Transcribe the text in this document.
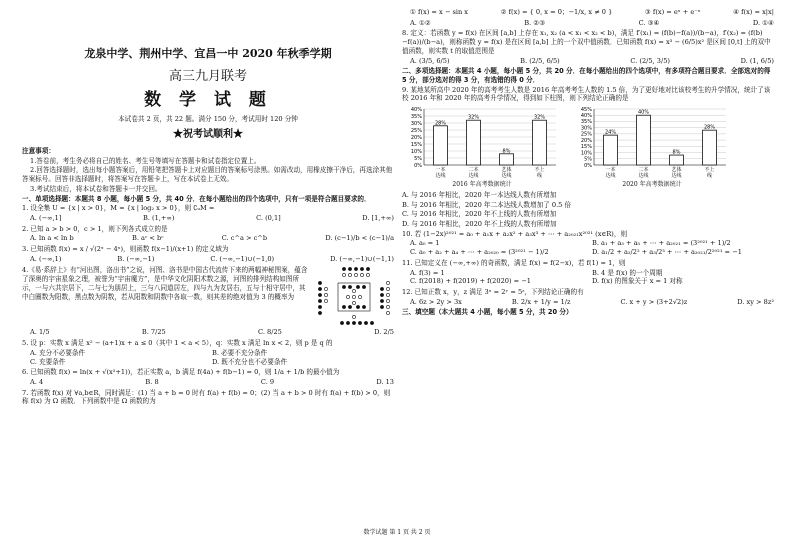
龙泉中学、荆州中学、宜昌一中 2020 年秋季学期
高三九月联考
数 学 试 题
本试卷共 2 页，共 22 题。满分 150 分，考试用时 120 分钟
★祝考试顺利★
注意事项：
1.答卷前，考生务必将自己的姓名、考生号等填写在答题卡和试卷指定位置上。
2.回答选择题时，选出每小题答案后，用铅笔把答题卡上对应题目的答案标号涂黑。如需改动，用橡皮擦干净后，再选涂其他答案标号。回答非选择题时，将答案写在答题卡上，写在本试卷上无效。
3.考试结束后，将本试卷和答题卡一并交回。
一、单项选择题：本题共 8 小题，每小题 5 分，共 40 分．在每小题给出的四个选项中，只有一项是符合题目要求的．
1. 设全集 U = {x | x > 0}，M = {x | log₂ x > 0}，则 ∁ᵤM =
A. (−∞,1]	B. (1,+∞)	C. (0,1]	D. [1,+∞)
2. 已知 a > b > 0，c > 1，则下列各式成立的是
A. ln a < ln b	B. aᶜ < bᶜ	C. c^a > c^b	D. (c−1)/b < (c−1)/a
3. 已知函数 f(x) = x / √(2ˣ − 4ˣ)，则函数 f(x−1)/(x+1) 的定义域为
A. (−∞,1)	B. (−∞,−1)	C. (−∞,−1)∪(−1,0)	D. (−∞,−1)∪(−1,1)
4.《易·系辞上》有“河出图，洛出书”之说，河图、洛书是中国古代流传下来的两幅神秘图案，蕴含了深奥的宇宙星象之理，被誉为“宇宙魔方”，是中华文化阴阳术数之源，河图的排列结构如图所示，一与六共宗居下，二与七为朋居上，三与八同道居左，四与九为友居右，五与十相守居中，其中白圈数为阳数，黑点数为阴数，若从阳数和阴数中各取一数，则其差的绝对值为 3 的概率为
A. 1/5	B. 7/25	C. 8/25	D. 2/5
5. 设 p：实数 x 满足 x² − (a+1)x + a ≤ 0（其中 1 < a < 5），q：实数 x 满足 ln x < 2，则 p 是 q 的
A. 充分不必要条件	B. 必要不充分条件
C. 充要条件	D. 既不充分也不必要条件
6. 已知函数 f(x) = ln(x + √(x²+1))，若正实数 a，b 满足 f(4a) + f(b−1) = 0，则 1/a + 1/b 的最小值为
A. 4	B. 8	C. 9	D. 13
7. 若函数 f(x) 对 ∀a,b∈R，同时满足：(1) 当 a + b = 0 时有 f(a) + f(b) = 0；(2) 当 a + b > 0 时有 f(a) + f(b) > 0，则称 f(x) 为 Ω 函数．下列函数中是 Ω 函数的为
① f(x) = x − sin x	② f(x) = { 0, x = 0；−1/x, x ≠ 0 }	③ f(x) = eˣ + e⁻ˣ	④ f(x) = x|x|
A. ①②	B. ②③	C. ③④	D. ①④
8. 定义：若函数 y = f(x) 在区间 [a,b] 上存在 x₁, x₂ (a < x₁ < x₂ < b)，满足 f′(x₁) = (f(b)−f(a))/(b−a)，f′(x₂) = (f(b)−f(a))/(b−a)，则称函数 y = f(x) 是在区间 [a,b] 上的一个双中值函数．已知函数 f(x) = x³ − (6/5)x² 是区间 [0,t] 上的双中值函数，则实数 t 的取值范围是
A. (3/5, 6/5)	B. (2/5, 6/5)	C. (2/5, 3/5)	D. (1, 6/5)
二、多项选择题：本题共 4 小题，每小题 5 分，共 20 分．在每小题给出的四个选项中，有多项符合题目要求．全部选对的得 5 分，部分选对的得 3 分，有选错的得 0 分．
9. 某地某所高中 2020 年的高考考生人数是 2016 年高考考生人数的 1.5 倍，为了更好地对比该校考生的升学情况，统计了该校 2016 年和 2020 年的高考升学情况，得到如下柱图，则下列结论正确的是
0%
5%
10%
15%
20%
25%
30%
35%
40%
28%
一本
达线
32%
二本
达线
8%
艺体
达线
32%
不上
线
2016 年高考数据统计
0%
5%
10%
15%
20%
25%
30%
35%
40%
45%
24%
一本
达线
40%
二本
达线
8%
艺体
达线
28%
不上
线
2020 年高考数据统计
A. 与 2016 年相比，2020 年一本达线人数有所增加
B. 与 2016 年相比，2020 年二本达线人数增加了 0.5 倍
C. 与 2016 年相比，2020 年不上线的人数有所增加
D. 与 2016 年相比，2020 年不上线的人数有所增加
10. 若 (1−2x)²⁰²¹ = a₀ + a₁x + a₂x² + a₃x³ + ⋯ + a₂₀₂₁x²⁰²¹ (x∈R)，则
A. a₀ = 1	B. a₁ + a₃ + a₅ + ⋯ + a₂₀₂₁ = (3²⁰²¹ + 1)/2
C. a₀ + a₂ + a₄ + ⋯ + a₂₀₂₀ = (3²⁰²¹ − 1)/2	D. a₁/2 + a₂/2² + a₃/2³ + ⋯ + a₂₀₂₁/2²⁰²¹ = −1
11. 已知定义在 (−∞,+∞) 的奇函数，满足 f(x) = f(2−x)，若 f(1) = 1，则
A. f(3) = 1	B. 4 是 f(x) 的一个周期
C. f(2018) + f(2019) + f(2020) = −1	D. f(x) 的图象关于 x = 1 对称
12. 已知正数 x，y，z 满足 3ˣ = 2ʸ = 5ᶻ，下列结论正确的有
A. 6z > 2y > 3x	B. 2/x + 1/y = 1/z	C. x + y > (3+2√2)z	D. xy > 8z²
三、填空题（本大题共 4 小题，每小题 5 分，共 20 分）
数学试题 第 1 页 共 2 页
